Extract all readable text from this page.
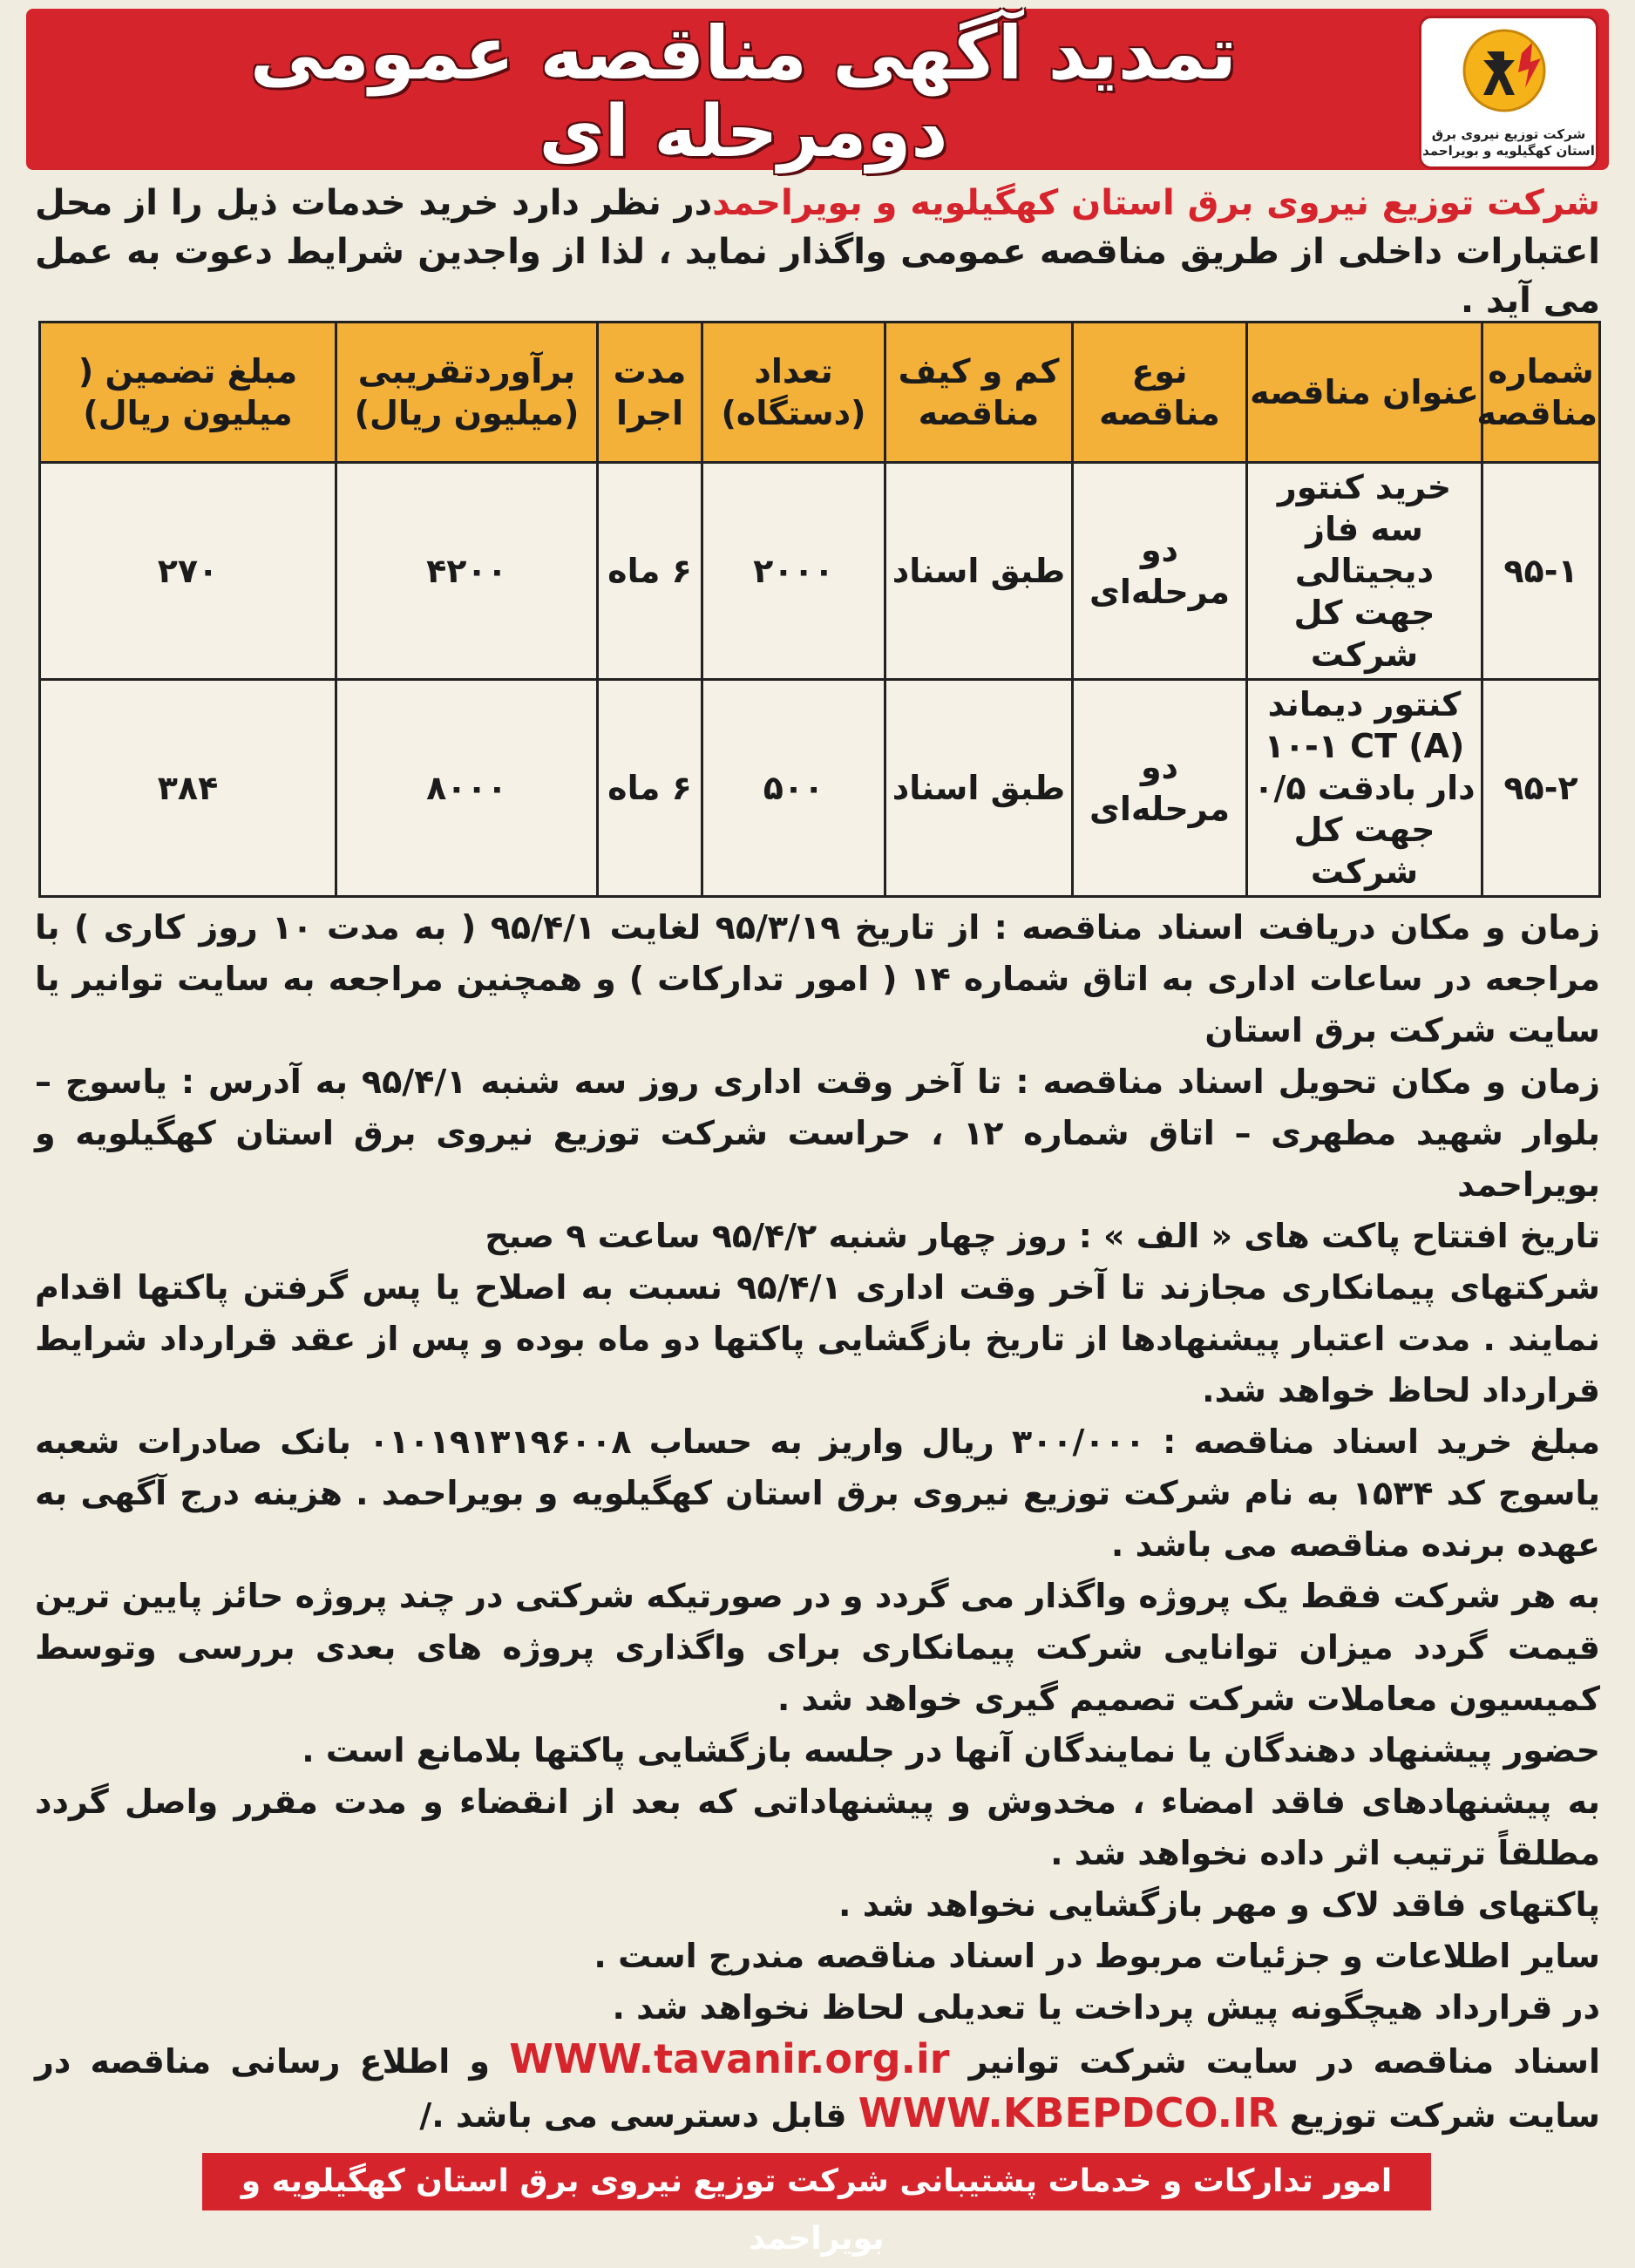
تمدید آگهی مناقصه عمومی
دومرحله ای	شرکت توزیع نیروی برق استان کهگیلویه و بویراحمد
شرکت توزیع نیروی برق استان کهگیلویه و بویراحمددر نظر دارد خرید خدمات ذیل را از محل اعتبارات داخلی از طریق مناقصه عمومی واگذار نماید ، لذا از واجدین شرایط دعوت به عمل می آید .
شماره مناقصه	عنوان مناقصه	نوع مناقصه	کم و کیف مناقصه	تعداد (دستگاه)	مدت اجرا	برآوردتقریبی (میلیون ریال)	مبلغ تضمین ( میلیون ریال)
۹۵-۱	خرید کنتور سه فاز دیجیتالی جهت کل شرکت	دو مرحله‌ای	طبق اسناد	۲۰۰۰	۶ ماه	۴۲۰۰	۲۷۰
۹۵-۲	کنتور دیماند (A) ۱۰-۱ CT دار بادقت ۰/۵ جهت کل شرکت	دو مرحله‌ای	طبق اسناد	۵۰۰	۶ ماه	۸۰۰۰	۳۸۴

زمان و مکان دریافت اسناد مناقصه : از تاریخ ۹۵/۳/۱۹ لغایت ۹۵/۴/۱ ( به مدت ۱۰ روز کاری ) با مراجعه در ساعات اداری به اتاق شماره ۱۴ ( امور تدارکات ) و همچنین مراجعه به سایت توانیر یا سایت شرکت برق استان

زمان و مکان تحویل اسناد مناقصه : تا آخر وقت اداری روز سه شنبه ۹۵/۴/۱ به آدرس : یاسوج – بلوار شهید مطهری – اتاق شماره ۱۲ ، حراست شرکت توزیع نیروی برق استان کهگیلویه و بویراحمد

تاریخ افتتاح پاکت های « الف » : روز چهار شنبه ۹۵/۴/۲ ساعت ۹ صبح

شرکتهای پیمانکاری مجازند تا آخر وقت اداری ۹۵/۴/۱ نسبت به اصلاح یا پس گرفتن پاکتها اقدام نمایند . مدت اعتبار پیشنهادها از تاریخ بازگشایی پاکتها دو ماه بوده و پس از عقد قرارداد شرایط قرارداد لحاظ خواهد شد.

مبلغ خرید اسناد مناقصه : ۳۰۰/۰۰۰ ریال واریز به حساب ۰۱۰۱۹۱۳۱۹۶۰۰۸ بانک صادرات شعبه یاسوج کد ۱۵۳۴ به نام شرکت توزیع نیروی برق استان کهگیلویه و بویراحمد . هزینه درج آگهی به عهده برنده مناقصه می باشد .

به هر شرکت فقط یک پروژه واگذار می گردد و در صورتیکه شرکتی در چند پروژه حائز پایین ترین قیمت گردد میزان توانایی شرکت پیمانکاری برای واگذاری پروژه های بعدی بررسی وتوسط کمیسیون معاملات شرکت تصمیم گیری خواهد شد .

حضور پیشنهاد دهندگان یا نمایندگان آنها در جلسه بازگشایی پاکتها بلامانع است .

به پیشنهادهای فاقد امضاء ، مخدوش و پیشنهاداتی که بعد از انقضاء و مدت مقرر واصل گردد مطلقاً ترتیب اثر داده نخواهد شد .

پاکتهای فاقد لاک و مهر بازگشایی نخواهد شد .

سایر اطلاعات و جزئیات مربوط در اسناد مناقصه مندرج است .

در قرارداد هیچگونه پیش پرداخت یا تعدیلی لحاظ نخواهد شد .

اسناد مناقصه در سایت شرکت توانیر WWW.tavanir.org.ir و اطلاع رسانی مناقصه در سایت شرکت توزیع WWW.KBEPDCO.IR قابل دسترسی می باشد ./

امور تدارکات و خدمات پشتیبانی شرکت توزیع نیروی برق استان کهگیلویه و بویراحمد
